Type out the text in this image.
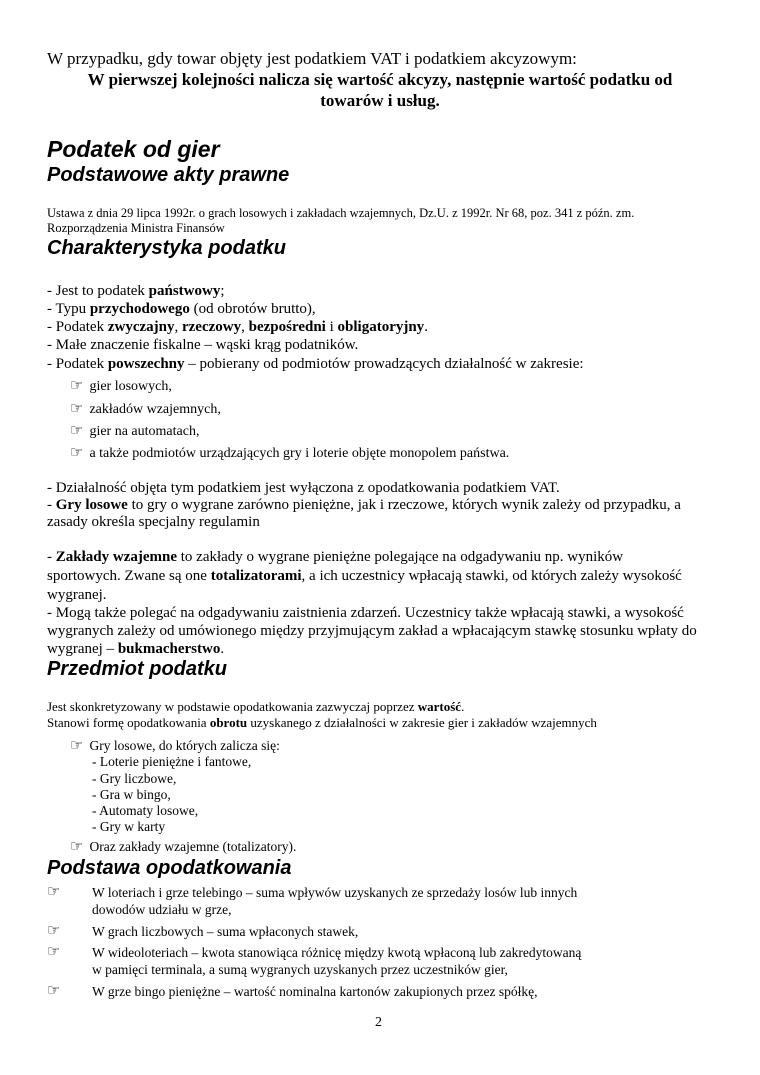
W przypadku, gdy towar objęty jest podatkiem VAT i podatkiem akcyzowym:
W pierwszej kolejności nalicza się wartość akcyzy, następnie wartość podatku od
towarów i usług.
Podatek od gier
Podstawowe akty prawne
Ustawa z dnia 29 lipca 1992r. o grach losowych i zakładach wzajemnych, Dz.U. z 1992r. Nr 68, poz. 341 z późn. zm.
Rozporządzenia Ministra Finansów
Charakterystyka podatku
- Jest to podatek państwowy;
- Typu przychodowego (od obrotów brutto),
- Podatek zwyczajny, rzeczowy, bezpośredni i obligatoryjny.
- Małe znaczenie fiskalne – wąski krąg podatników.
- Podatek powszechny – pobierany od podmiotów prowadzących działalność w zakresie:
☞ gier losowych,
☞ zakładów wzajemnych,
☞ gier na automatach,
☞ a także podmiotów urządzających gry i loterie objęte monopolem państwa.
- Działalność objęta tym podatkiem jest wyłączona z opodatkowania podatkiem VAT.
- Gry losowe to gry o wygrane zarówno pieniężne, jak i rzeczowe, których wynik zależy od przypadku, a
zasady określa specjalny regulamin
- Zakłady wzajemne to zakłady o wygrane pieniężne polegające na odgadywaniu np. wyników
sportowych. Zwane są one totalizatorami, a ich uczestnicy wpłacają stawki, od których zależy wysokość
wygranej.
- Mogą także polegać na odgadywaniu zaistnienia zdarzeń. Uczestnicy także wpłacają stawki, a wysokość
wygranych zależy od umówionego między przyjmującym zakład a wpłacającym stawkę stosunku wpłaty do
wygranej – bukmacherstwo.
Przedmiot podatku
Jest skonkretyzowany w podstawie opodatkowania zazwyczaj poprzez wartość.
Stanowi formę opodatkowania obrotu uzyskanego z działalności w zakresie gier i zakładów wzajemnych
☞ Gry losowe, do których zalicza się:
- Loterie pieniężne i fantowe,
- Gry liczbowe,
- Gra w bingo,
- Automaty losowe,
- Gry w karty
☞ Oraz zakłady wzajemne (totalizatory).
Podstawa opodatkowania
☞ W loteriach i grze telebingo – suma wpływów uzyskanych ze sprzedaży losów lub innych
dowodów udziału w grze,
☞ W grach liczbowych – suma wpłaconych stawek,
☞ W wideoloteriach – kwota stanowiąca różnicę między kwotą wpłaconą lub zakredytowaną
w pamięci terminala, a sumą wygranych uzyskanych przez uczestników gier,
☞ W grze bingo pieniężne – wartość nominalna kartonów zakupionych przez spółkę,
2
